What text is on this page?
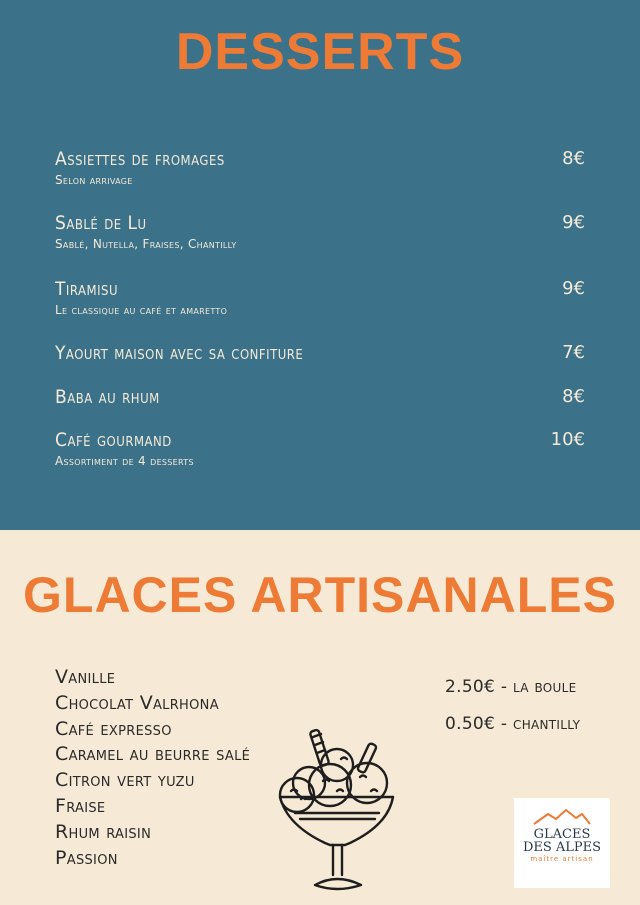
DESSERTS
Assiettes de fromages
Selon arrivage
8€
Sablé de Lu
Sablé, Nutella, Fraises, Chantilly
9€
Tiramisu
Le classique au café et amaretto
9€
Yaourt maison avec sa confiture	7€
Baba au rhum	8€
Café gourmand
Assortiment de 4 desserts
10€
GLACES ARTISANALES
Vanille
Chocolat Valrhona
Café expresso
Caramel au beurre salé
Citron vert yuzu
Fraise
Rhum raisin
Passion
2.50€ - la boule
0.50€ - chantilly
GLACES
DES ALPES
maître artisan
